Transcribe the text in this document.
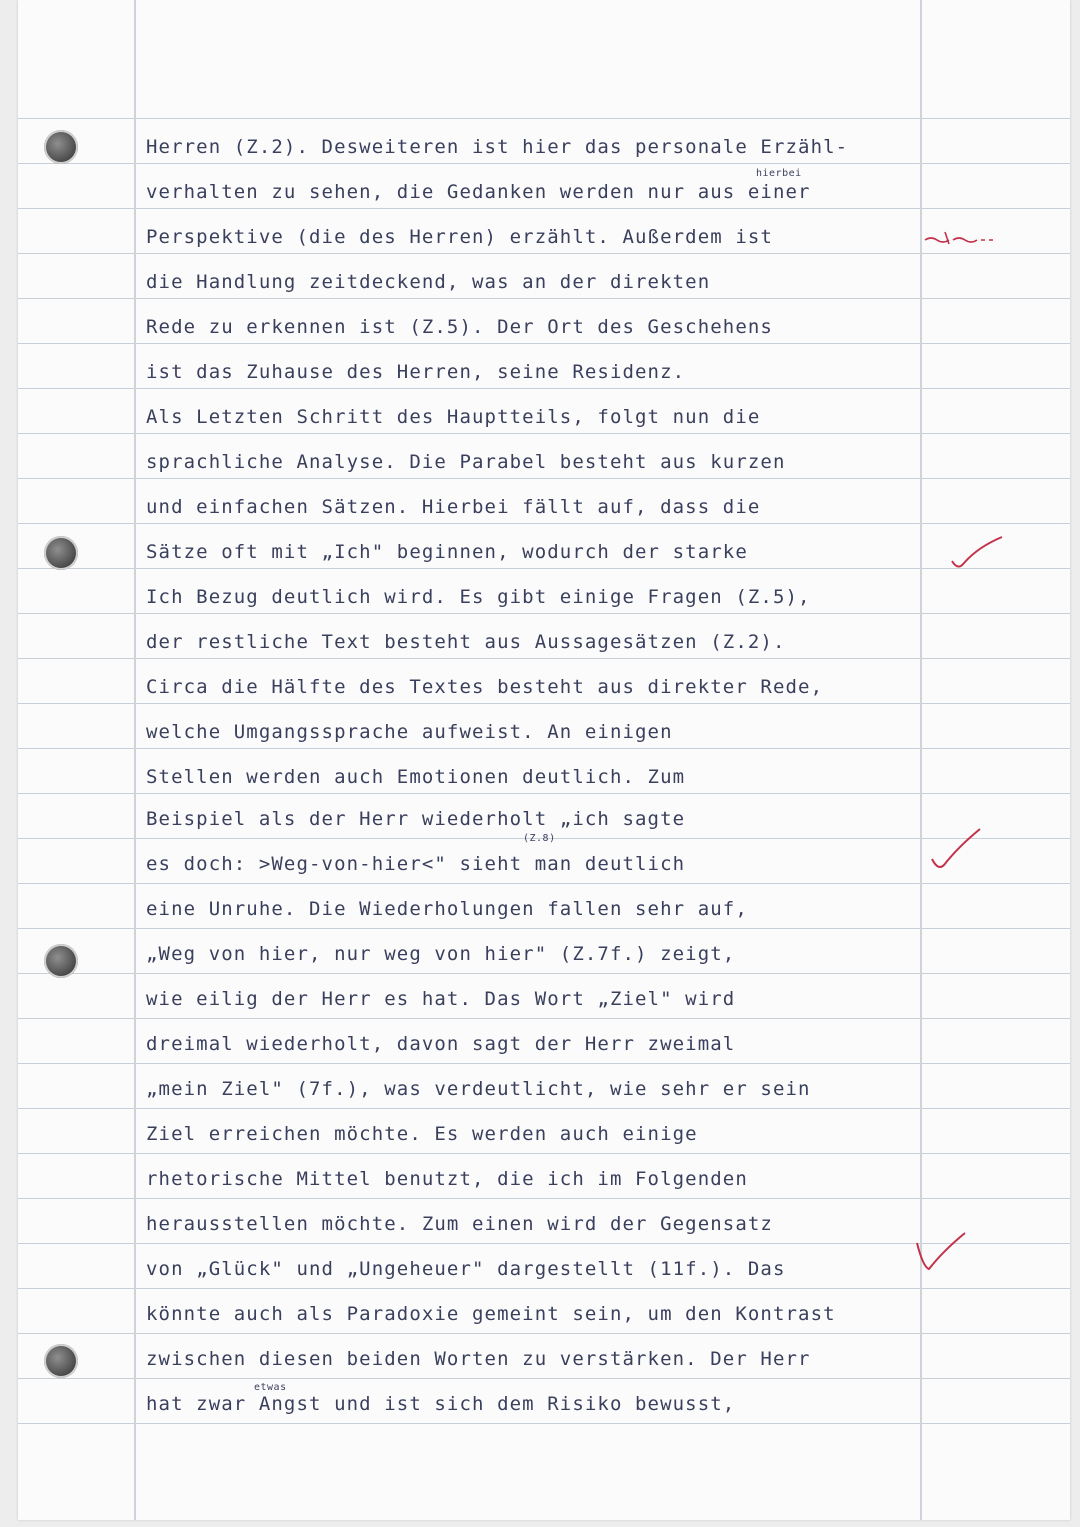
Herren (Z.2). Desweiteren ist hier das personale Erzähl-
verhalten zu sehen, die Gedanken werden nur aus einer
Perspektive (die des Herren) erzählt. Außerdem ist
die Handlung zeitdeckend, was an der direkten
Rede zu erkennen ist (Z.5). Der Ort des Geschehens
ist das Zuhause des Herren, seine Residenz.
Als Letzten Schritt des Hauptteils, folgt nun die
sprachliche Analyse. Die Parabel besteht aus kurzen
und einfachen Sätzen. Hierbei fällt auf, dass die
Sätze oft mit „Ich" beginnen, wodurch der starke
Ich Bezug deutlich wird. Es gibt einige Fragen (Z.5),
der restliche Text besteht aus Aussagesätzen (Z.2).
Circa die Hälfte des Textes besteht aus direkter Rede,
welche Umgangssprache aufweist. An einigen
Stellen werden auch Emotionen deutlich. Zum
Beispiel als der Herr wiederholt „ich sagte
es doch: >Weg-von-hier<" sieht man deutlich
eine Unruhe. Die Wiederholungen fallen sehr auf,
„Weg von hier, nur weg von hier" (Z.7f.) zeigt,
wie eilig der Herr es hat. Das Wort „Ziel" wird
dreimal wiederholt, davon sagt der Herr zweimal
„mein Ziel" (7f.), was verdeutlicht, wie sehr er sein
Ziel erreichen möchte. Es werden auch einige
rhetorische Mittel benutzt, die ich im Folgenden
herausstellen möchte. Zum einen wird der Gegensatz
von „Glück" und „Ungeheuer" dargestellt (11f.). Das
könnte auch als Paradoxie gemeint sein, um den Kontrast
zwischen diesen beiden Worten zu verstärken. Der Herr
hat zwar Angst und ist sich dem Risiko bewusst,
hierbei
(Z.8)
etwas
